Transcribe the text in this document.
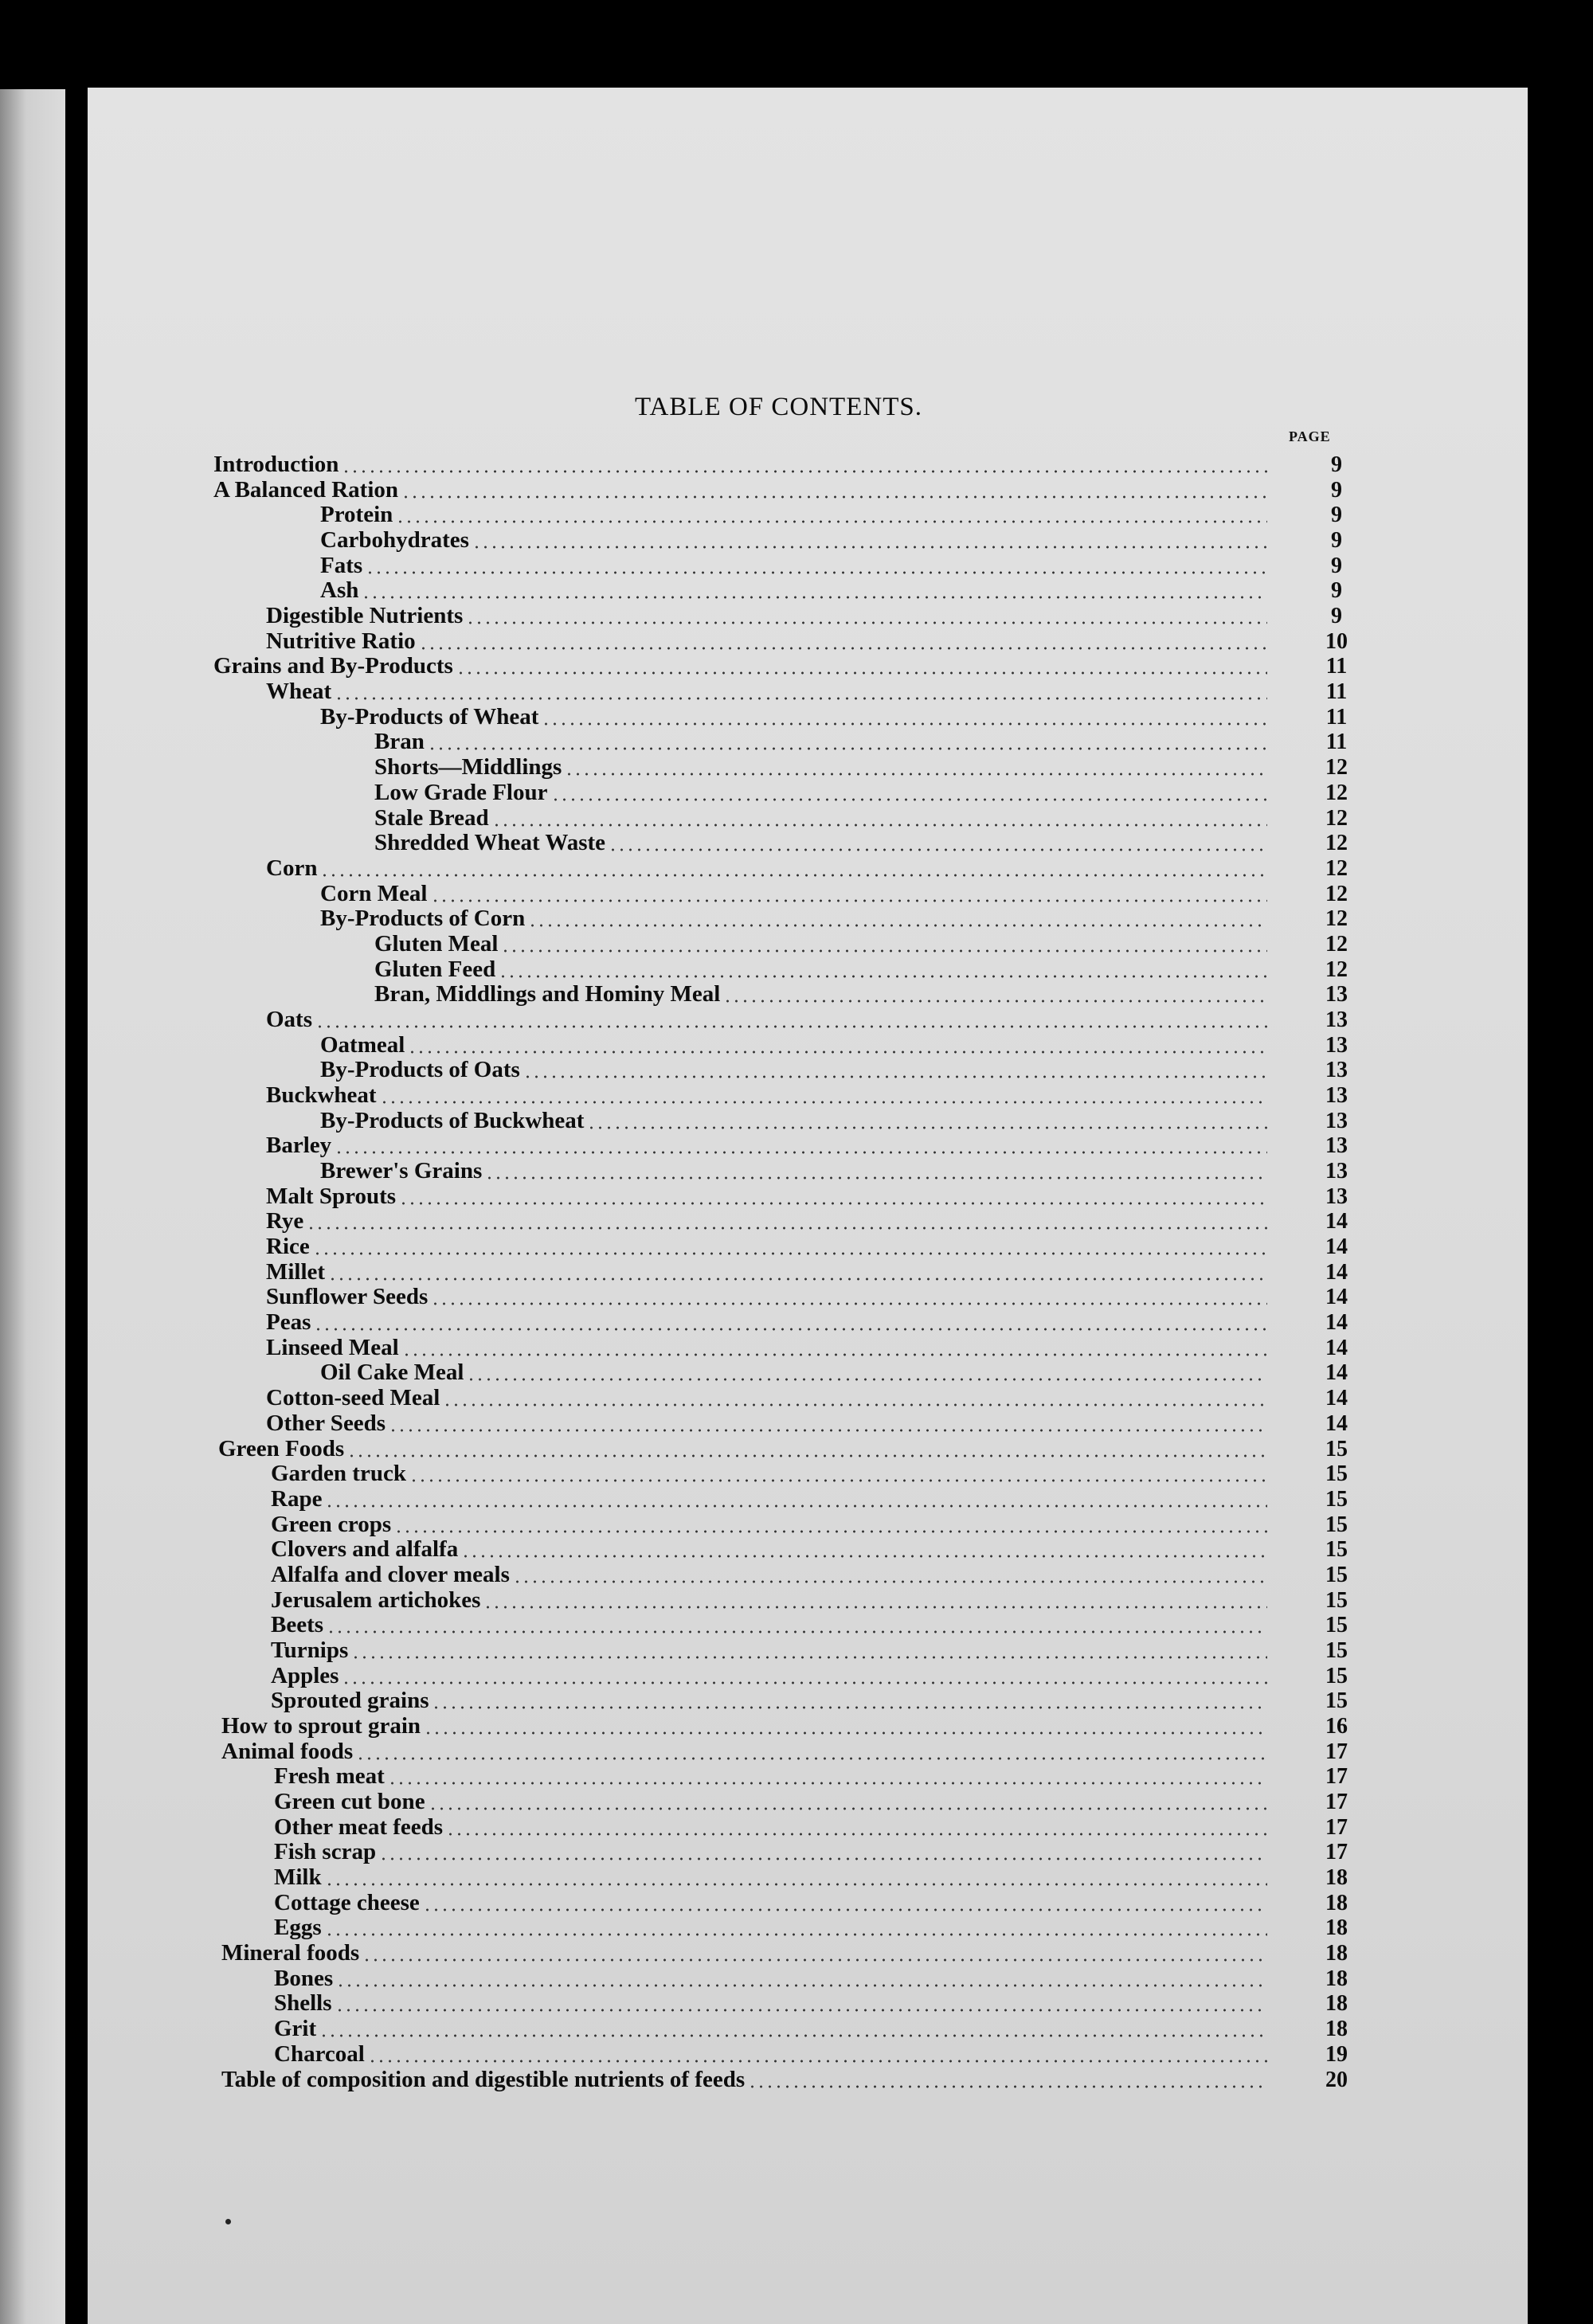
TABLE OF CONTENTS.
PAGE
Introduction	9
A Balanced Ration	9
Protein	9
Carbohydrates	9
Fats	9
Ash	9
Digestible Nutrients	9
Nutritive Ratio	10
Grains and By-Products	11
Wheat	11
By-Products of Wheat	11
Bran	11
Shorts—Middlings	12
Low Grade Flour	12
Stale Bread	12
Shredded Wheat Waste	12
Corn	12
Corn Meal	12
By-Products of Corn	12
Gluten Meal	12
Gluten Feed	12
Bran, Middlings and Hominy Meal	13
Oats	13
Oatmeal	13
By-Products of Oats	13
Buckwheat	13
By-Products of Buckwheat	13
Barley	13
Brewer's Grains	13
Malt Sprouts	13
Rye	14
Rice	14
Millet	14
Sunflower Seeds	14
Peas	14
Linseed Meal	14
Oil Cake Meal	14
Cotton-seed Meal	14
Other Seeds	14
Green Foods	15
Garden truck	15
Rape	15
Green crops	15
Clovers and alfalfa	15
Alfalfa and clover meals	15
Jerusalem artichokes	15
Beets	15
Turnips	15
Apples	15
Sprouted grains	15
How to sprout grain	16
Animal foods	17
Fresh meat	17
Green cut bone	17
Other meat feeds	17
Fish scrap	17
Milk	18
Cottage cheese	18
Eggs	18
Mineral foods	18
Bones	18
Shells	18
Grit	18
Charcoal	19
Table of composition and digestible nutrients of feeds	20
